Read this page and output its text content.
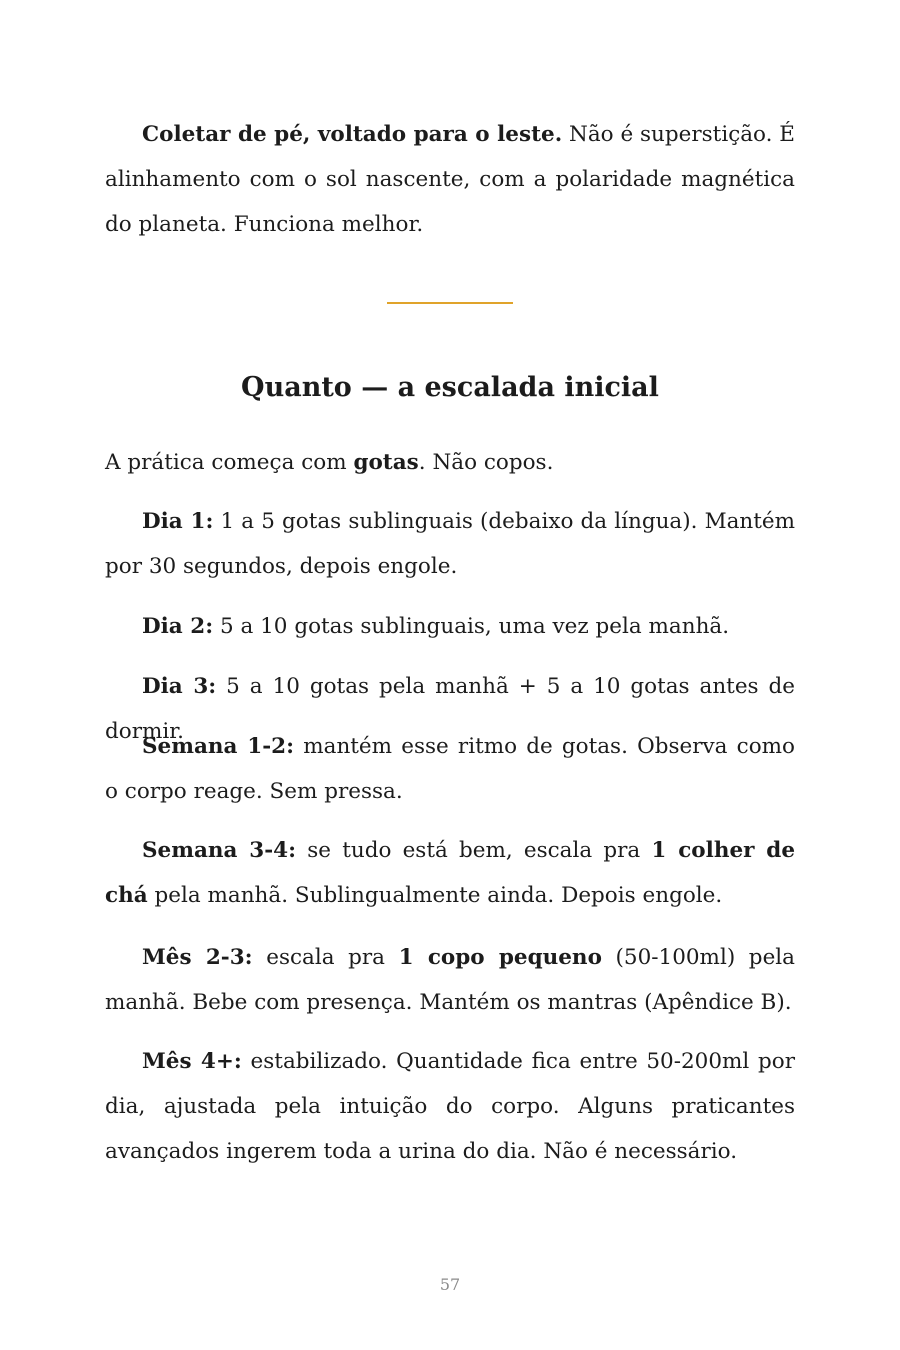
Coletar de pé, voltado para o leste. Não é superstição. É alinhamento com o sol nascente, com a polaridade magnética do planeta. Funciona melhor.

Quanto — a escalada inicial

A prática começa com gotas. Não copos.

Dia 1: 1 a 5 gotas sublinguais (debaixo da língua). Mantém por 30 segundos, depois engole.

Dia 2: 5 a 10 gotas sublinguais, uma vez pela manhã.

Dia 3: 5 a 10 gotas pela manhã + 5 a 10 gotas antes de dormir.

Semana 1-2: mantém esse ritmo de gotas. Observa como o corpo reage. Sem pressa.

Semana 3-4: se tudo está bem, escala pra 1 colher de chá pela manhã. Sublingualmente ainda. Depois engole.

Mês 2-3: escala pra 1 copo pequeno (50-100ml) pela manhã. Bebe com presença. Mantém os mantras (Apêndice B).

Mês 4+: estabilizado. Quantidade fica entre 50-200ml por dia, ajustada pela intuição do corpo. Alguns praticantes avançados ingerem toda a urina do dia. Não é necessário.

57
